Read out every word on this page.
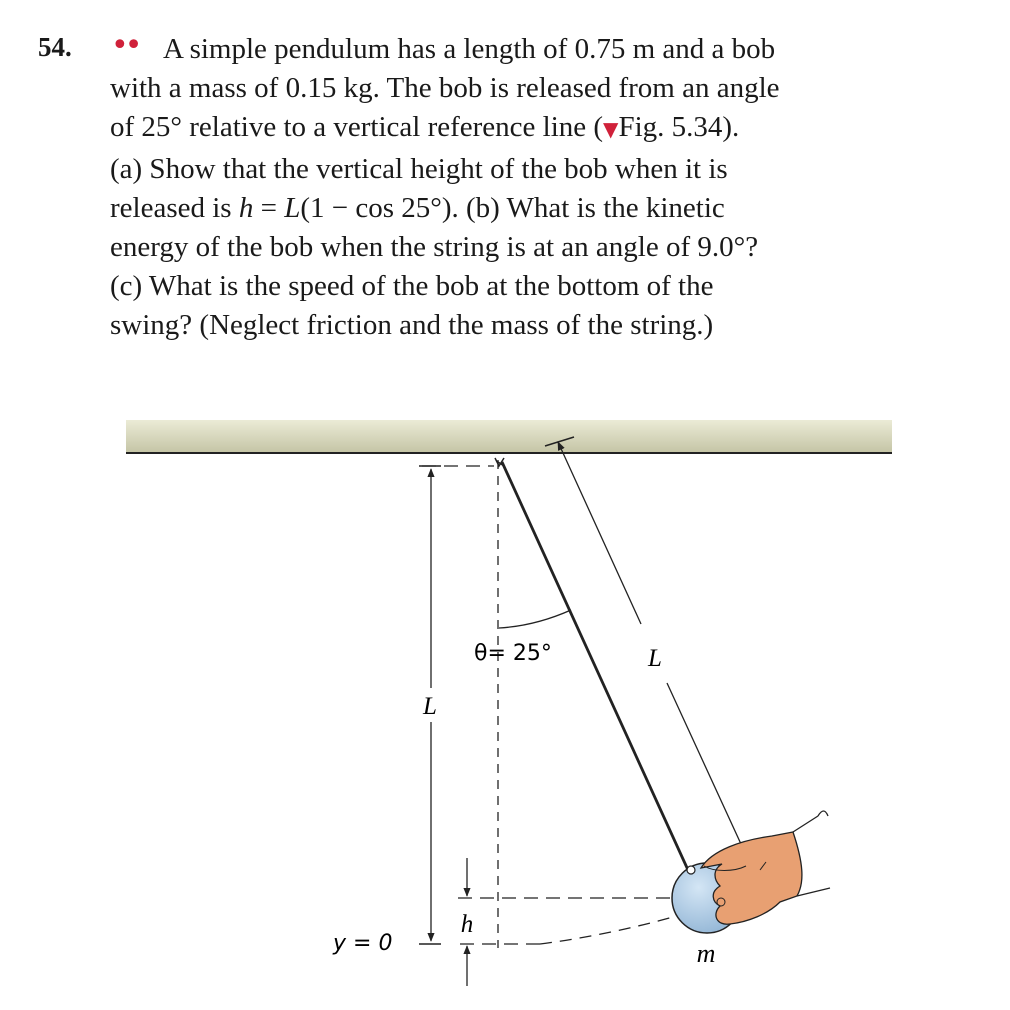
54. •• A simple pendulum has a length of 0.75 m and a bob
with a mass of 0.15 kg. The bob is released from an angle
of 25° relative to a vertical reference line (▼Fig. 5.34).
(a) Show that the vertical height of the bob when it is
released is h = L(1 − cos 25°). (b) What is the kinetic
energy of the bob when the string is at an angle of 9.0°?
(c) What is the speed of the bob at the bottom of the
swing? (Neglect friction and the mass of the string.)
L
y = 0
θ= 25°	L
h
m
